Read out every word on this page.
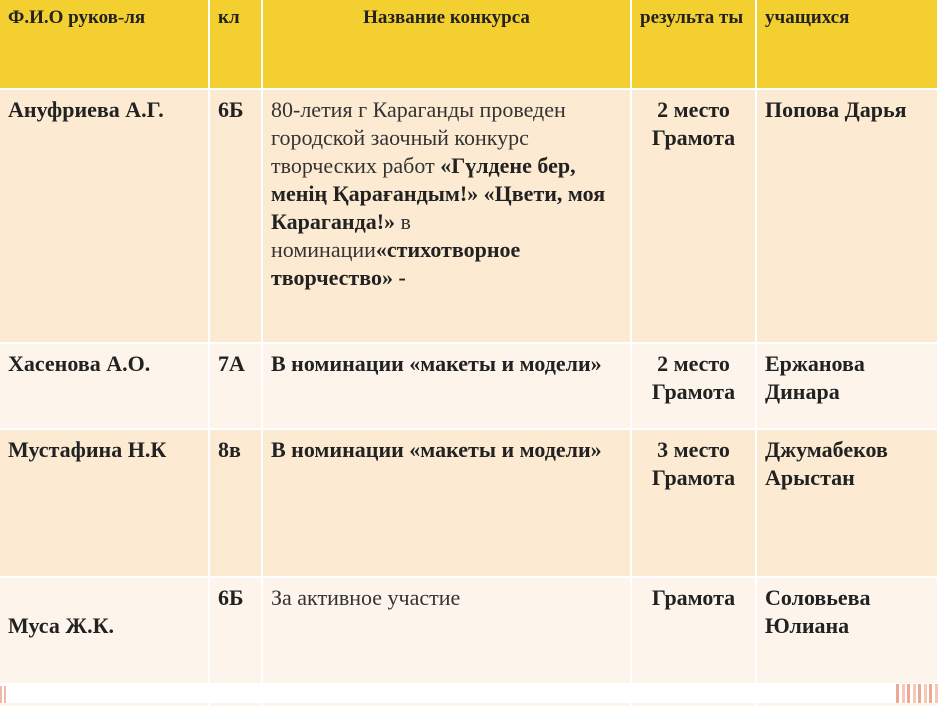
Ф.И.О руков-ля	кл	Название конкурса	результа ты	учащихся
Ануфриева А.Г.	6Б	80-летия г Караганды проведен городской заочный конкурс творческих работ «Гүлдене бер, менің Қарағандым!» «Цвети, моя Караганда!» в номинации«стихотворное творчество» -	2 место Грамота	Попова Дарья
Хасенова А.О.	7А	В номинации «макеты и модели»	2 место Грамота	Ержанова Динара
Мустафина Н.К	8в	В номинации «макеты и модели»	3 место Грамота	Джумабеков Арыстан
Муса Ж.К.	6Б	За активное участие	Грамота	Соловьева Юлиана
